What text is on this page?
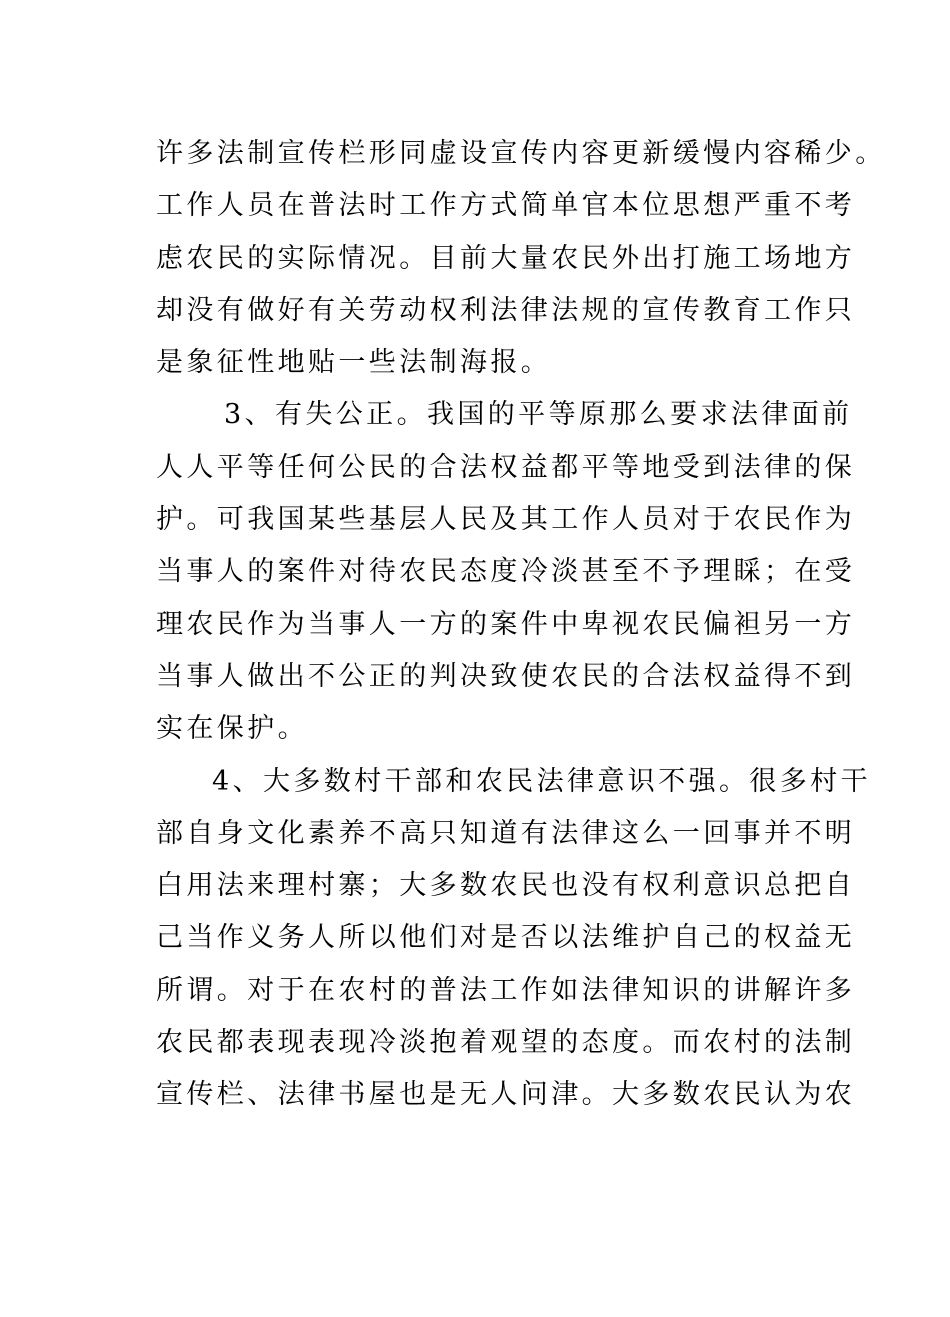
许多法制宣传栏形同虚设宣传内容更新缓慢内容稀少。
工作人员在普法时工作方式简单官本位思想严重不考
虑农民的实际情况。目前大量农民外出打施工场地方
却没有做好有关劳动权利法律法规的宣传教育工作只
是象征性地贴一些法制海报。
3、有失公正。我国的平等原那么要求法律面前
人人平等任何公民的合法权益都平等地受到法律的保
护。可我国某些基层人民及其工作人员对于农民作为
当事人的案件对待农民态度冷淡甚至不予理睬；在受
理农民作为当事人一方的案件中卑视农民偏袒另一方
当事人做出不公正的判决致使农民的合法权益得不到
实在保护。
4、大多数村干部和农民法律意识不强。很多村干
部自身文化素养不高只知道有法律这么一回事并不明
白用法来理村寨；大多数农民也没有权利意识总把自
己当作义务人所以他们对是否以法维护自己的权益无
所谓。对于在农村的普法工作如法律知识的讲解许多
农民都表现表现冷淡抱着观望的态度。而农村的法制
宣传栏、法律书屋也是无人问津。大多数农民认为农
